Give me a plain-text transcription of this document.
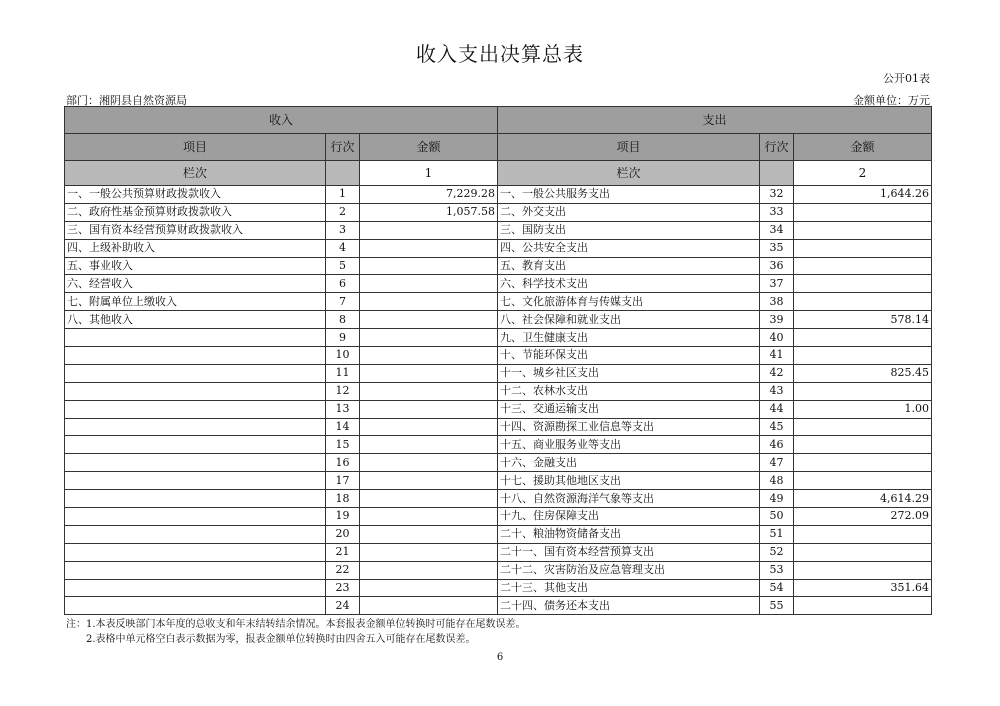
收入支出决算总表
公开01表
部门：湘阴县自然资源局	金额单位：万元
收入			支出		
项目	行次	金额	项目	行次	金额
栏次		1	栏次		2
一、一般公共预算财政拨款收入	1	7,229.28	一、一般公共服务支出	32	1,644.26
二、政府性基金预算财政拨款收入	2	1,057.58	二、外交支出	33	
三、国有资本经营预算财政拨款收入	3		三、国防支出	34	
四、上级补助收入	4		四、公共安全支出	35	
五、事业收入	5		五、教育支出	36	
六、经营收入	6		六、科学技术支出	37	
七、附属单位上缴收入	7		七、文化旅游体育与传媒支出	38	
八、其他收入	8		八、社会保障和就业支出	39	578.14
	9		九、卫生健康支出	40	
	10		十、节能环保支出	41	
	11		十一、城乡社区支出	42	825.45
	12		十二、农林水支出	43	
	13		十三、交通运输支出	44	1.00
	14		十四、资源勘探工业信息等支出	45	
	15		十五、商业服务业等支出	46	
	16		十六、金融支出	47	
	17		十七、援助其他地区支出	48	
	18		十八、自然资源海洋气象等支出	49	4,614.29
	19		十九、住房保障支出	50	272.09
	20		二十、粮油物资储备支出	51	
	21		二十一、国有资本经营预算支出	52	
	22		二十二、灾害防治及应急管理支出	53	
	23		二十三、其他支出	54	351.64
	24		二十四、债务还本支出	55	
注：1.本表反映部门本年度的总收支和年末结转结余情况。本套报表金额单位转换时可能存在尾数误差。
2.表格中单元格空白表示数据为零，报表金额单位转换时由四舍五入可能存在尾数误差。
6
